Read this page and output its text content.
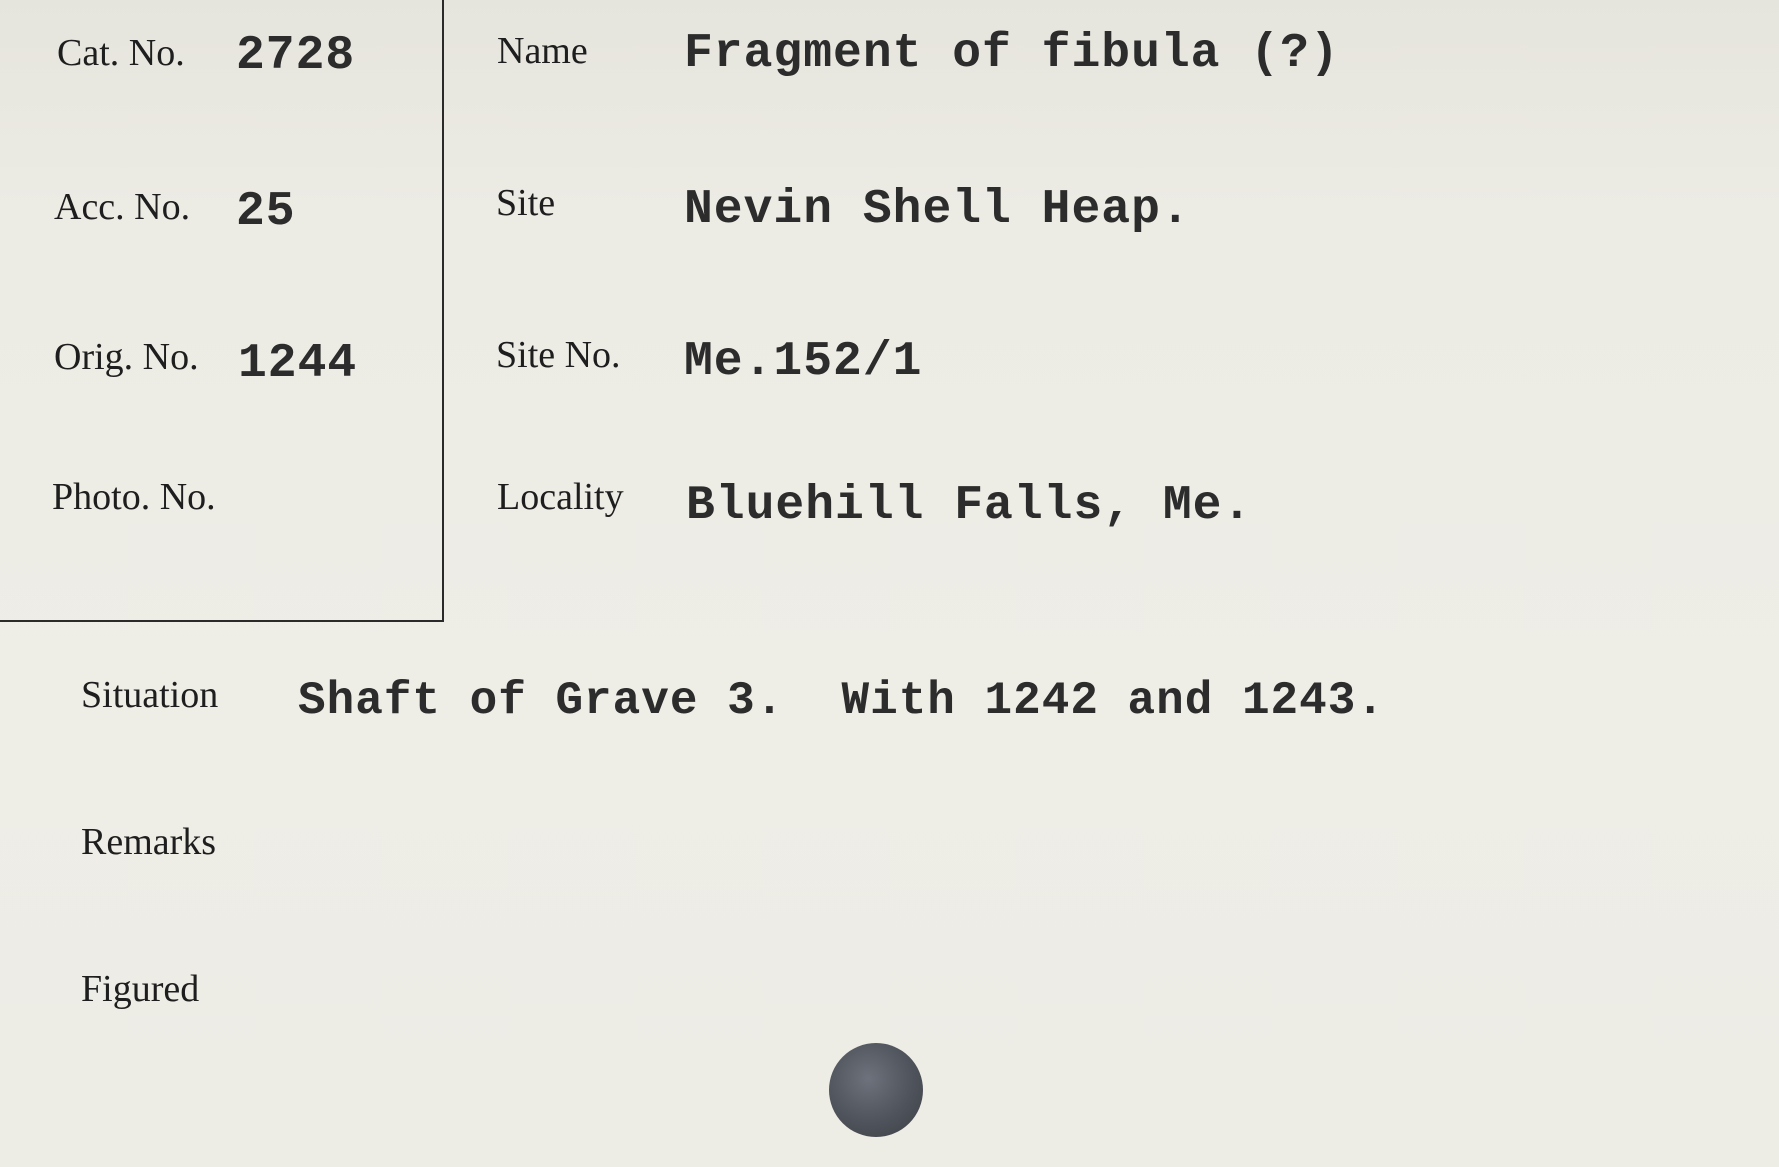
Cat. No. 2728
Acc. No. 25
Orig. No. 1244
Photo. No.
Name Fragment of fibula (?)
Site	Nevin Shell Heap.
Site No. Me.152/1
Locality Bluehill Falls, Me.
Situation Shaft of Grave 3.  With 1242 and 1243.
Remarks
Figured
